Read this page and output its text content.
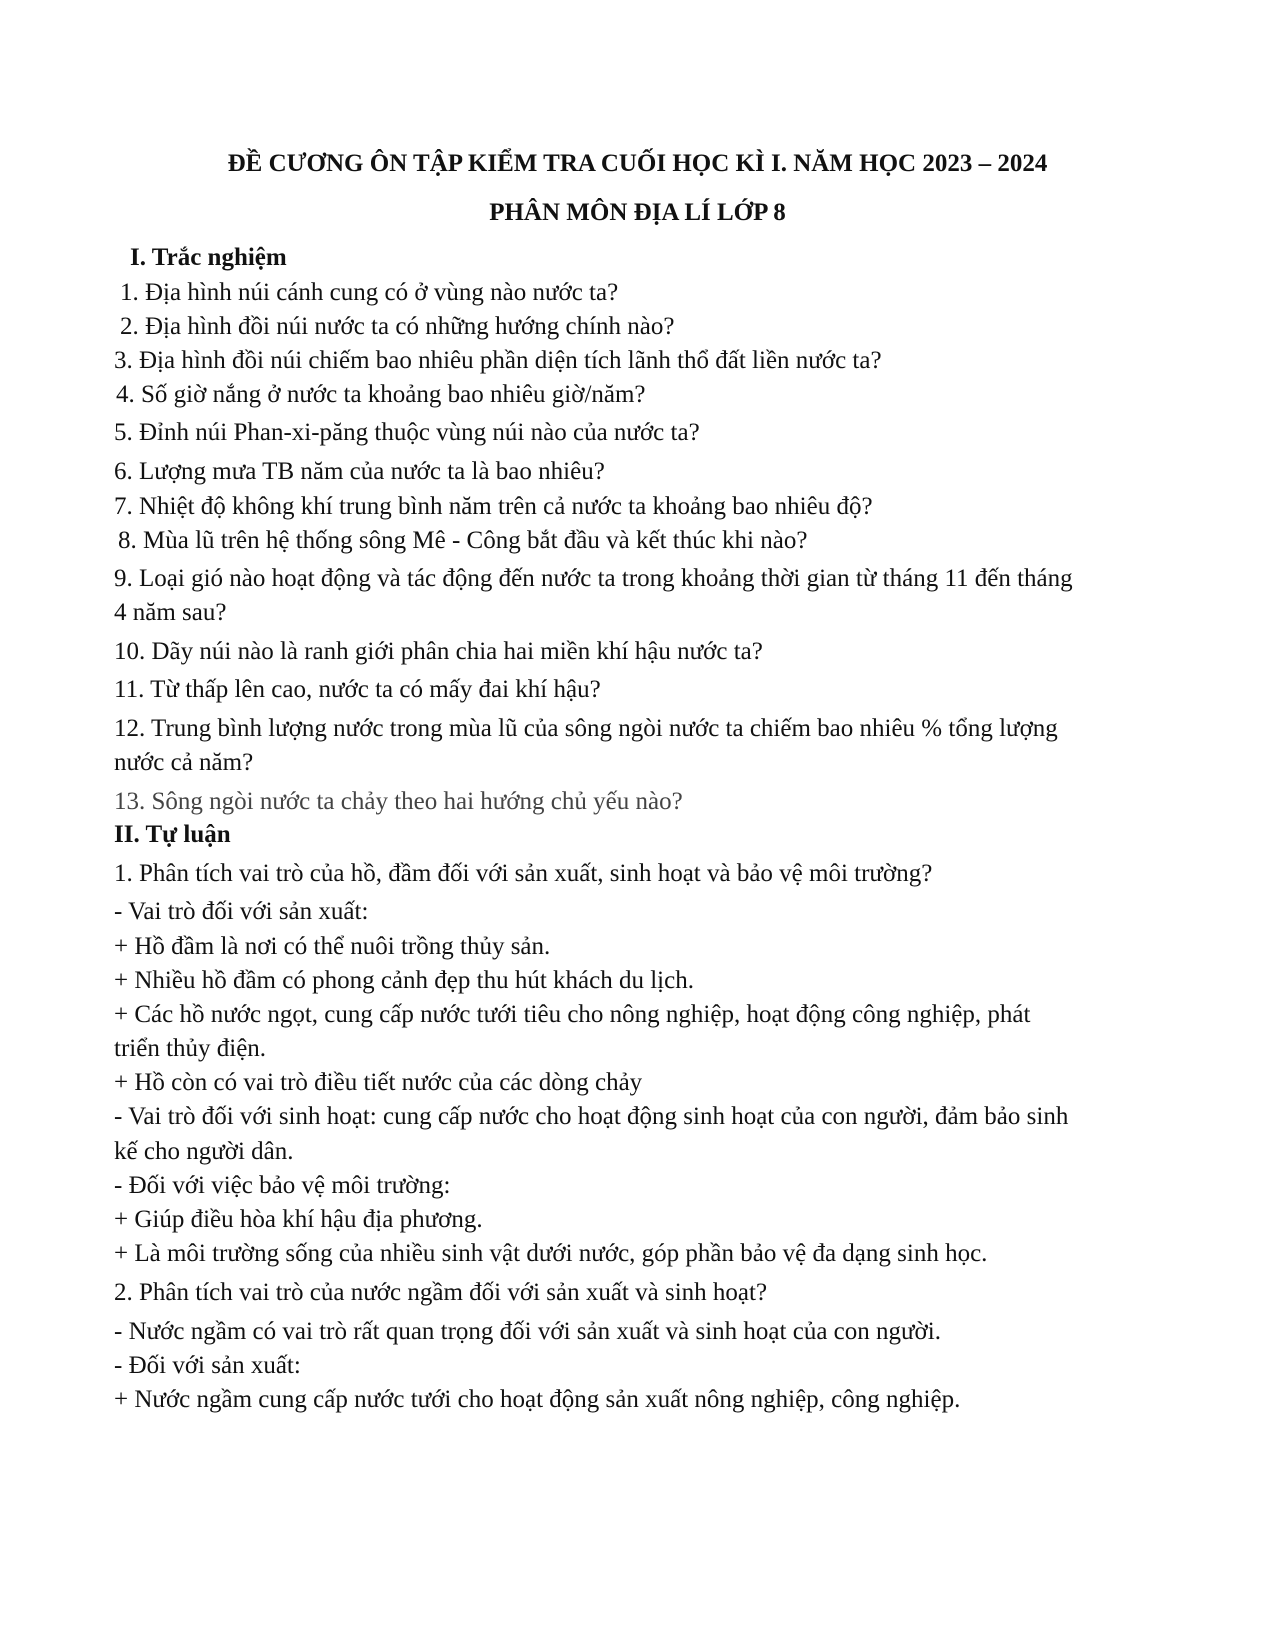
ĐỀ CƯƠNG ÔN TẬP KIỂM TRA CUỐI HỌC KÌ I. NĂM HỌC 2023 – 2024
PHÂN MÔN ĐỊA LÍ LỚP 8
I. Trắc nghiệm
1. Địa hình núi cánh cung có ở vùng nào nước ta?
2. Địa hình đồi núi nước ta có những hướng chính nào?
3. Địa hình đồi núi chiếm bao nhiêu phần diện tích lãnh thổ đất liền nước ta?
4. Số giờ nắng ở nước ta khoảng bao nhiêu giờ/năm?
5. Đỉnh núi Phan-xi-păng thuộc vùng núi nào của nước ta?
6. Lượng mưa TB năm của nước ta là bao nhiêu?
7. Nhiệt độ không khí trung bình năm trên cả nước ta khoảng bao nhiêu độ?
8. Mùa lũ trên hệ thống sông Mê - Công bắt đầu và kết thúc khi nào?
9. Loại gió nào hoạt động và tác động đến nước ta trong khoảng thời gian từ tháng 11 đến tháng
4 năm sau?
10. Dãy núi nào là ranh giới phân chia hai miền khí hậu nước ta?
11. Từ thấp lên cao, nước ta có mấy đai khí hậu?
12. Trung bình lượng nước trong mùa lũ của sông ngòi nước ta chiếm bao nhiêu % tổng lượng
nước cả năm?
13. Sông ngòi nước ta chảy theo hai hướng chủ yếu nào?
II. Tự luận
1. Phân tích vai trò của hồ, đầm đối với sản xuất, sinh hoạt và bảo vệ môi trường?
- Vai trò đối với sản xuất:
+ Hồ đầm là nơi có thể nuôi trồng thủy sản.
+ Nhiều hồ đầm có phong cảnh đẹp thu hút khách du lịch.
+ Các hồ nước ngọt, cung cấp nước tưới tiêu cho nông nghiệp, hoạt động công nghiệp, phát
triển thủy điện.
+ Hồ còn có vai trò điều tiết nước của các dòng chảy
- Vai trò đối với sinh hoạt: cung cấp nước cho hoạt động sinh hoạt của con người, đảm bảo sinh
kế cho người dân.
- Đối với việc bảo vệ môi trường:
+ Giúp điều hòa khí hậu địa phương.
+ Là môi trường sống của nhiều sinh vật dưới nước, góp phần bảo vệ đa dạng sinh học.
2. Phân tích vai trò của nước ngầm đối với sản xuất và sinh hoạt?
- Nước ngầm có vai trò rất quan trọng đối với sản xuất và sinh hoạt của con người.
- Đối với sản xuất:
+ Nước ngầm cung cấp nước tưới cho hoạt động sản xuất nông nghiệp, công nghiệp.
